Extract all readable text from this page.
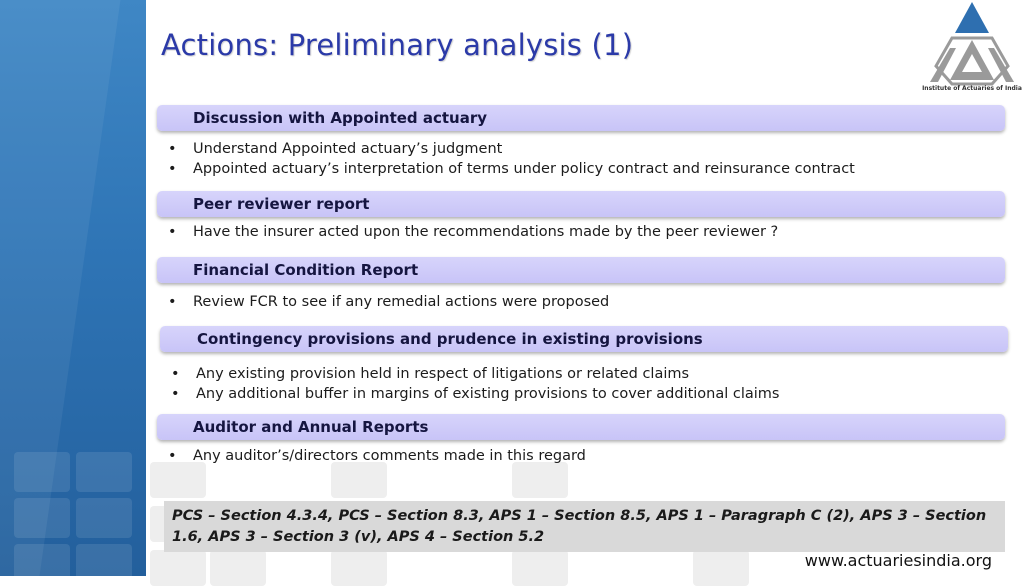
Actions: Preliminary analysis (1)
Institute of Actuaries of India
Discussion with Appointed actuary
• Understand Appointed actuary’s judgment
• Appointed actuary’s interpretation of terms under policy contract and reinsurance contract
Peer reviewer report
• Have the insurer acted upon the recommendations made by the peer reviewer ?
Financial Condition Report
• Review FCR to see if any remedial actions were proposed
Contingency provisions and prudence in existing provisions
• Any existing provision held in respect of litigations or related claims
• Any additional buffer in margins of existing provisions to cover additional claims
Auditor and Annual Reports
• Any auditor’s/directors comments made in this regard
PCS – Section 4.3.4, PCS – Section 8.3, APS 1 – Section 8.5, APS 1 – Paragraph C (2), APS 3 – Section 1.6, APS 3 – Section 3 (v), APS 4 – Section 5.2
www.actuariesindia.org
